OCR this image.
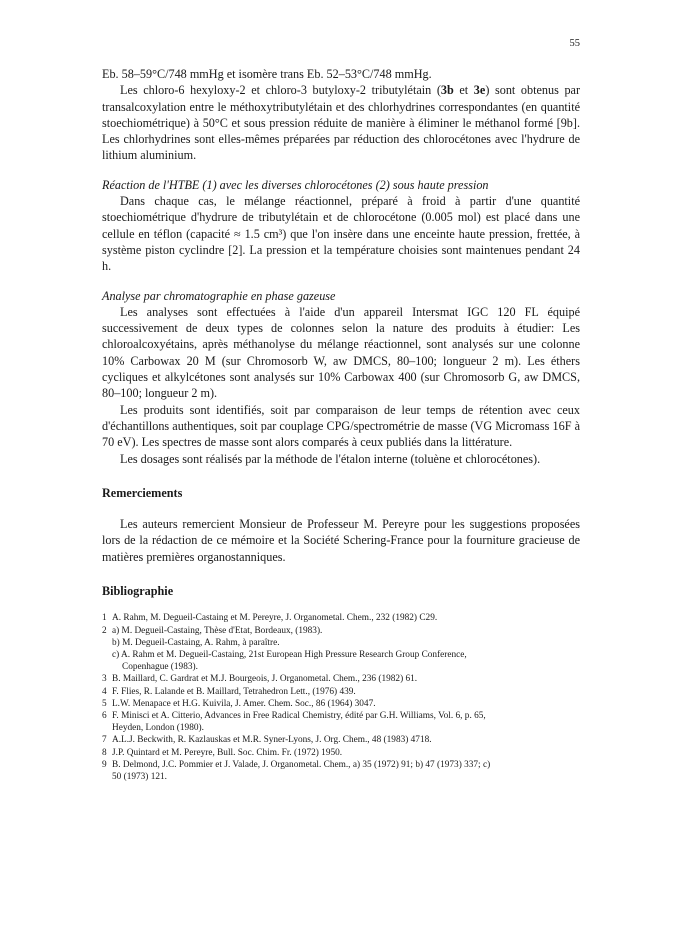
55

Eb. 58–59°C/748 mmHg et isomère trans Eb. 52–53°C/748 mmHg.

Les chloro-6 hexyloxy-2 et chloro-3 butyloxy-2 tributylétain (3b et 3e) sont obtenus par transalcoxylation entre le méthoxytributylétain et des chlorhydrines correspondantes (en quantité stoechiométrique) à 50°C et sous pression réduite de manière à éliminer le méthanol formé [9b]. Les chlorhydrines sont elles-mêmes préparées par réduction des chlorocétones avec l'hydrure de lithium aluminium.

Réaction de l'HTBE (1) avec les diverses chlorocétones (2) sous haute pression

Dans chaque cas, le mélange réactionnel, préparé à froid à partir d'une quantité stoechiométrique d'hydrure de tributylétain et de chlorocétone (0.005 mol) est placé dans une cellule en téflon (capacité ≈ 1.5 cm³) que l'on insère dans une enceinte haute pression, frettée, à système piston cyclindre [2]. La pression et la température choisies sont maintenues pendant 24 h.

Analyse par chromatographie en phase gazeuse

Les analyses sont effectuées à l'aide d'un appareil Intersmat IGC 120 FL équipé successivement de deux types de colonnes selon la nature des produits à étudier: Les chloroalcoxyétains, après méthanolyse du mélange réactionnel, sont analysés sur une colonne 10% Carbowax 20 M (sur Chromosorb W, aw DMCS, 80–100; longueur 2 m). Les éthers cycliques et alkylcétones sont analysés sur 10% Carbowax 400 (sur Chromosorb G, aw DMCS, 80–100; longueur 2 m).

Les produits sont identifiés, soit par comparaison de leur temps de rétention avec ceux d'échantillons authentiques, soit par couplage CPG/spectrométrie de masse (VG Micromass 16F à 70 eV). Les spectres de masse sont alors comparés à ceux publiés dans la littérature.

Les dosages sont réalisés par la méthode de l'étalon interne (toluène et chlorocétones).

Remerciements

Les auteurs remercient Monsieur de Professeur M. Pereyre pour les suggestions proposées lors de la rédaction de ce mémoire et la Société Schering-France pour la fourniture gracieuse de matières premières organostanniques.

Bibliographie

1 A. Rahm, M. Degueil-Castaing et M. Pereyre, J. Organometal. Chem., 232 (1982) C29.
2 a) M. Degueil-Castaing, Thèse d'Etat, Bordeaux, (1983).
b) M. Degueil-Castaing, A. Rahm, à paraître.
c) A. Rahm et M. Degueil-Castaing, 21st European High Pressure Research Group Conference,
Copenhague (1983).
3 B. Maillard, C. Gardrat et M.J. Bourgeois, J. Organometal. Chem., 236 (1982) 61.
4 F. Flies, R. Lalande et B. Maillard, Tetrahedron Lett., (1976) 439.
5 L.W. Menapace et H.G. Kuivila, J. Amer. Chem. Soc., 86 (1964) 3047.
6 F. Minisci et A. Citterio, Advances in Free Radical Chemistry, édité par G.H. Williams, Vol. 6, p. 65,
Heyden, London (1980).
7 A.L.J. Beckwith, R. Kazlauskas et M.R. Syner-Lyons, J. Org. Chem., 48 (1983) 4718.
8 J.P. Quintard et M. Pereyre, Bull. Soc. Chim. Fr. (1972) 1950.
9 B. Delmond, J.C. Pommier et J. Valade, J. Organometal. Chem., a) 35 (1972) 91; b) 47 (1973) 337; c)
50 (1973) 121.
